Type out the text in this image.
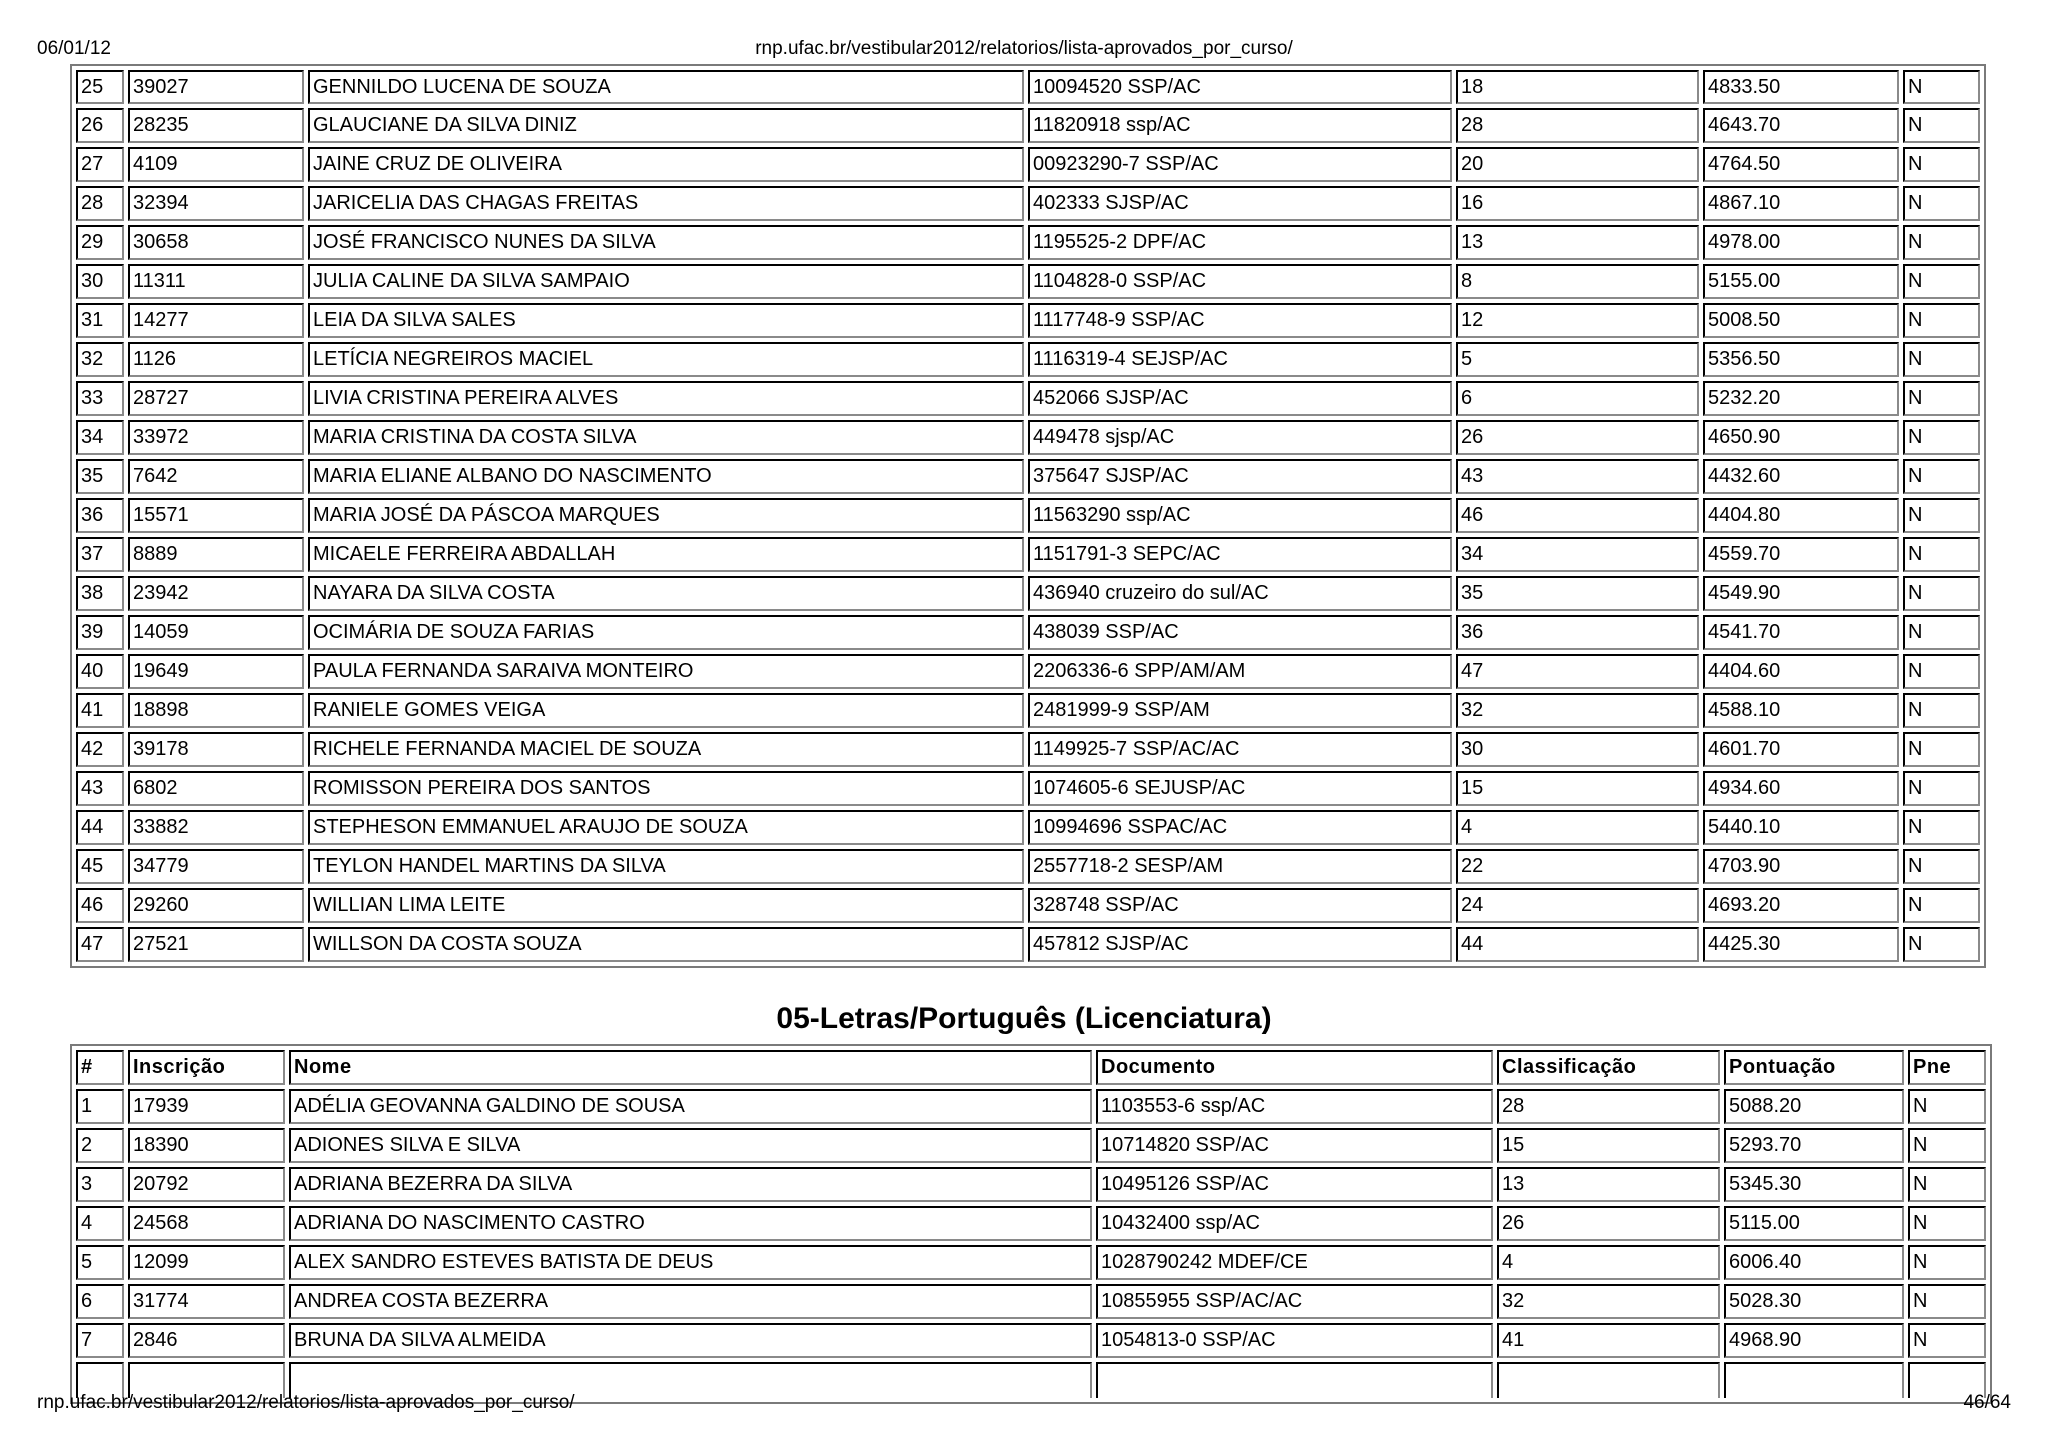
06/01/12	rnp.ufac.br/vestibular2012/relatorios/lista-aprovados_por_curso/
25	39027	GENNILDO LUCENA DE SOUZA	10094520 SSP/AC	18	4833.50	N
26	28235	GLAUCIANE DA SILVA DINIZ	11820918 ssp/AC	28	4643.70	N
27	4109	JAINE CRUZ DE OLIVEIRA	00923290-7 SSP/AC	20	4764.50	N
28	32394	JARICELIA DAS CHAGAS FREITAS	402333 SJSP/AC	16	4867.10	N
29	30658	JOSÉ FRANCISCO NUNES DA SILVA	1195525-2 DPF/AC	13	4978.00	N
30	11311	JULIA CALINE DA SILVA SAMPAIO	1104828-0 SSP/AC	8	5155.00	N
31	14277	LEIA DA SILVA SALES	1117748-9 SSP/AC	12	5008.50	N
32	1126	LETÍCIA NEGREIROS MACIEL	1116319-4 SEJSP/AC	5	5356.50	N
33	28727	LIVIA CRISTINA PEREIRA ALVES	452066 SJSP/AC	6	5232.20	N
34	33972	MARIA CRISTINA DA COSTA SILVA	449478 sjsp/AC	26	4650.90	N
35	7642	MARIA ELIANE ALBANO DO NASCIMENTO	375647 SJSP/AC	43	4432.60	N
36	15571	MARIA JOSÉ DA PÁSCOA MARQUES	11563290 ssp/AC	46	4404.80	N
37	8889	MICAELE FERREIRA ABDALLAH	1151791-3 SEPC/AC	34	4559.70	N
38	23942	NAYARA DA SILVA COSTA	436940 cruzeiro do sul/AC	35	4549.90	N
39	14059	OCIMÁRIA DE SOUZA FARIAS	438039 SSP/AC	36	4541.70	N
40	19649	PAULA FERNANDA SARAIVA MONTEIRO	2206336-6 SPP/AM/AM	47	4404.60	N
41	18898	RANIELE GOMES VEIGA	2481999-9 SSP/AM	32	4588.10	N
42	39178	RICHELE FERNANDA MACIEL DE SOUZA	1149925-7 SSP/AC/AC	30	4601.70	N
43	6802	ROMISSON PEREIRA DOS SANTOS	1074605-6 SEJUSP/AC	15	4934.60	N
44	33882	STEPHESON EMMANUEL ARAUJO DE SOUZA	10994696 SSPAC/AC	4	5440.10	N
45	34779	TEYLON HANDEL MARTINS DA SILVA	2557718-2 SESP/AM	22	4703.90	N
46	29260	WILLIAN LIMA LEITE	328748 SSP/AC	24	4693.20	N
47	27521	WILLSON DA COSTA SOUZA	457812 SJSP/AC	44	4425.30	N
05-Letras/Português (Licenciatura)
#	Inscrição	Nome	Documento	Classificação	Pontuação	Pne
1	17939	ADÉLIA GEOVANNA GALDINO DE SOUSA	1103553-6 ssp/AC	28	5088.20	N
2	18390	ADIONES SILVA E SILVA	10714820 SSP/AC	15	5293.70	N
3	20792	ADRIANA BEZERRA DA SILVA	10495126 SSP/AC	13	5345.30	N
4	24568	ADRIANA DO NASCIMENTO CASTRO	10432400 ssp/AC	26	5115.00	N
5	12099	ALEX SANDRO ESTEVES BATISTA DE DEUS	1028790242 MDEF/CE	4	6006.40	N
6	31774	ANDREA COSTA BEZERRA	10855955 SSP/AC/AC	32	5028.30	N
7	2846	BRUNA DA SILVA ALMEIDA	1054813-0 SSP/AC	41	4968.90	N

rnp.ufac.br/vestibular2012/relatorios/lista-aprovados_por_curso/	46/64
